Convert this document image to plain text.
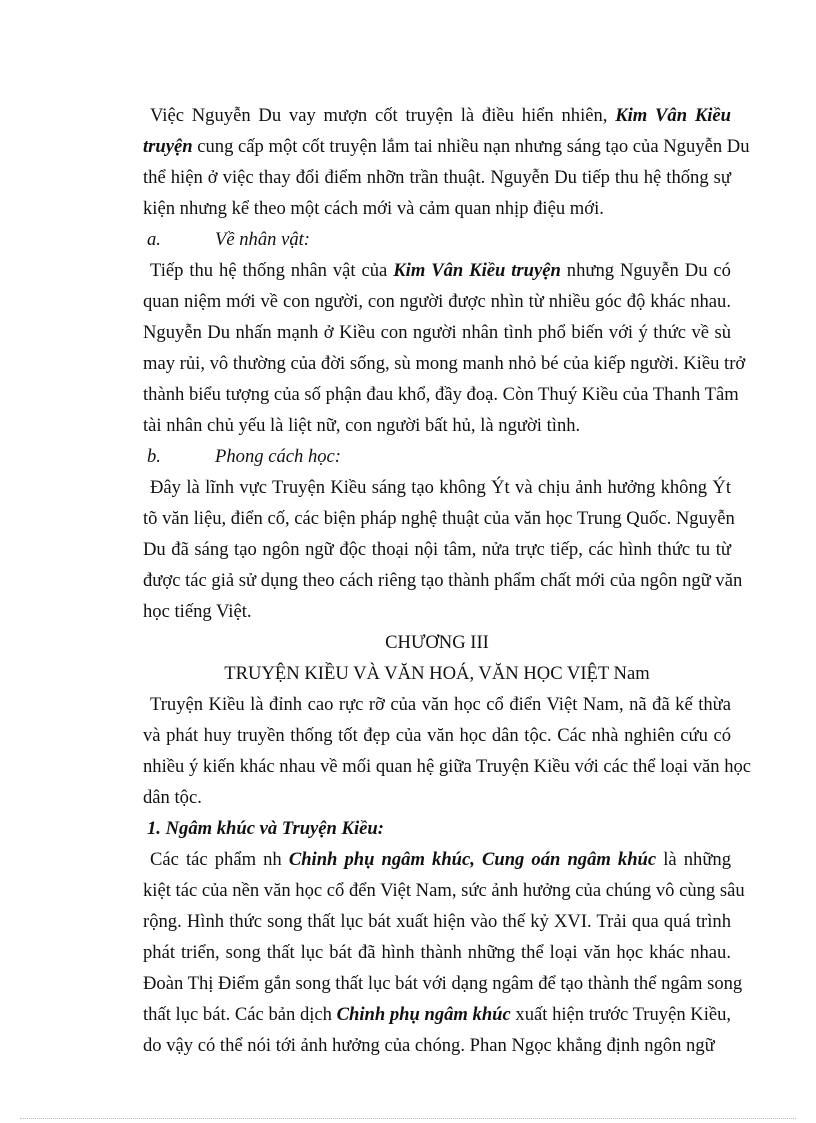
Việc Nguyễn Du vay mượn cốt truyện là điều hiển nhiên, Kim Vân Kiều
truyện cung cấp một cốt truyện lắm tai nhiều nạn nhưng sáng tạo của Nguyễn Du
thể hiện ở việc thay đổi điểm nhỡn trần thuật. Nguyễn Du tiếp thu hệ thống sự
kiện nhưng kể theo một cách mới và cảm quan nhịp điệu mới.

a.	Về nhân vật:

Tiếp thu hệ thống nhân vật của Kim Vân Kiều truyện nhưng Nguyễn Du có
quan niệm mới về con người, con người được nhìn từ nhiều góc độ khác nhau.
Nguyễn Du nhấn mạnh ở Kiều con người nhân tình phổ biến với ý thức về sù
may rủi, vô thường của đời sống, sù mong manh nhỏ bé của kiếp người. Kiều trở
thành biểu tượng của số phận đau khổ, đầy đoạ. Còn Thuý Kiều của Thanh Tâm
tài nhân chủ yếu là liệt nữ, con người bất hủ, là người tình.

b.	Phong cách học:

Đây là lĩnh vực Truyện Kiều sáng tạo không Ýt và chịu ảnh hưởng không Ýt
tõ văn liệu, điển cố, các biện pháp nghệ thuật của văn học Trung Quốc. Nguyễn
Du đã sáng tạo ngôn ngữ độc thoại nội tâm, nửa trực tiếp, các hình thức tu từ
được tác giả sử dụng theo cách riêng tạo thành phẩm chất mới của ngôn ngữ văn
học tiếng Việt.

CHƯƠNG III
TRUYỆN KIỀU VÀ VĂN HOÁ, VĂN HỌC VIỆT Nam

Truyện Kiều là đỉnh cao rực rỡ của văn học cổ điển Việt Nam, nã đã kế thừa
và phát huy truyền thống tốt đẹp của văn học dân tộc. Các nhà nghiên cứu có
nhiều ý kiến khác nhau về mối quan hệ giữa Truyện Kiều với các thể loại văn học
dân tộc.

1. Ngâm khúc và Truyện Kiều:

Các tác phẩm nh Chinh phụ ngâm khúc, Cung oán ngâm khúc là những
kiệt tác của nền văn học cổ đển Việt Nam, sức ảnh hưởng của chúng vô cùng sâu
rộng. Hình thức song thất lục bát xuất hiện vào thế kỷ XVI. Trải qua quá trình
phát triển, song thất lục bát đã hình thành những thể loại văn học khác nhau.
Đoàn Thị Điểm gắn song thất lục bát với dạng ngâm để tạo thành thể ngâm song
thất lục bát. Các bản dịch Chinh phụ ngâm khúc xuất hiện trước Truyện Kiều,
do vậy có thể nói tới ảnh hưởng của chóng. Phan Ngọc khẳng định ngôn ngữ
